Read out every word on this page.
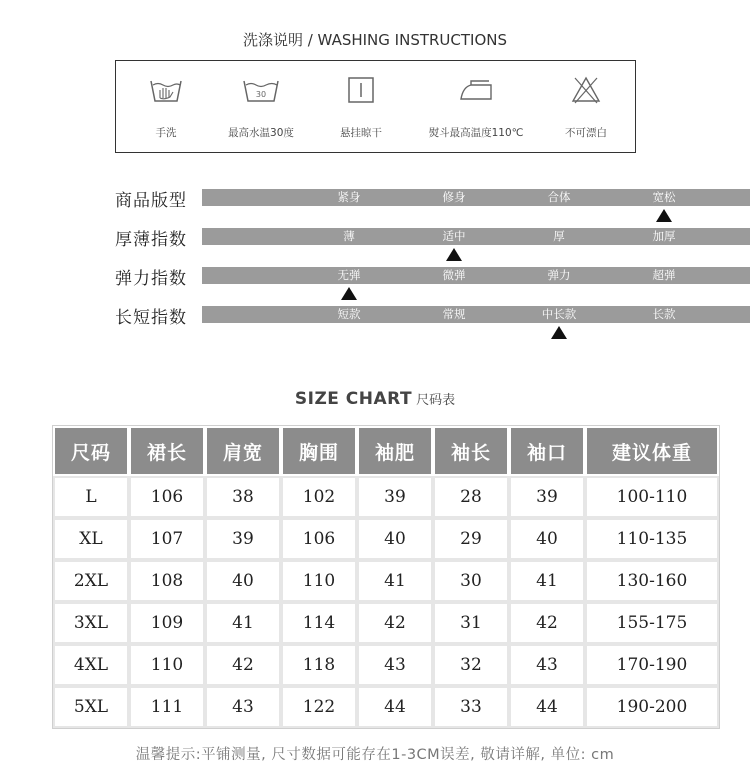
洗涤说明 / WASHING INSTRUCTIONS
手洗
30
最高水温30度	悬挂晾干	熨斗最高温度110℃	不可漂白
商品版型	紧身	修身	合体	宽松
厚薄指数	薄	适中	厚	加厚
弹力指数	无弹	微弹	弹力	超弹
长短指数	短款	常规	中长款	长款
SIZE CHART 尺码表
尺码	裙长	肩宽	胸围	袖肥	袖长	袖口	建议体重
L	106	38	102	39	28	39	100-110
XL	107	39	106	40	29	40	110-135
2XL	108	40	110	41	30	41	130-160
3XL	109	41	114	42	31	42	155-175
4XL	110	42	118	43	32	43	170-190
5XL	111	43	122	44	33	44	190-200
温馨提示:平铺测量, 尺寸数据可能存在1-3CM误差, 敬请详解, 单位: cm
